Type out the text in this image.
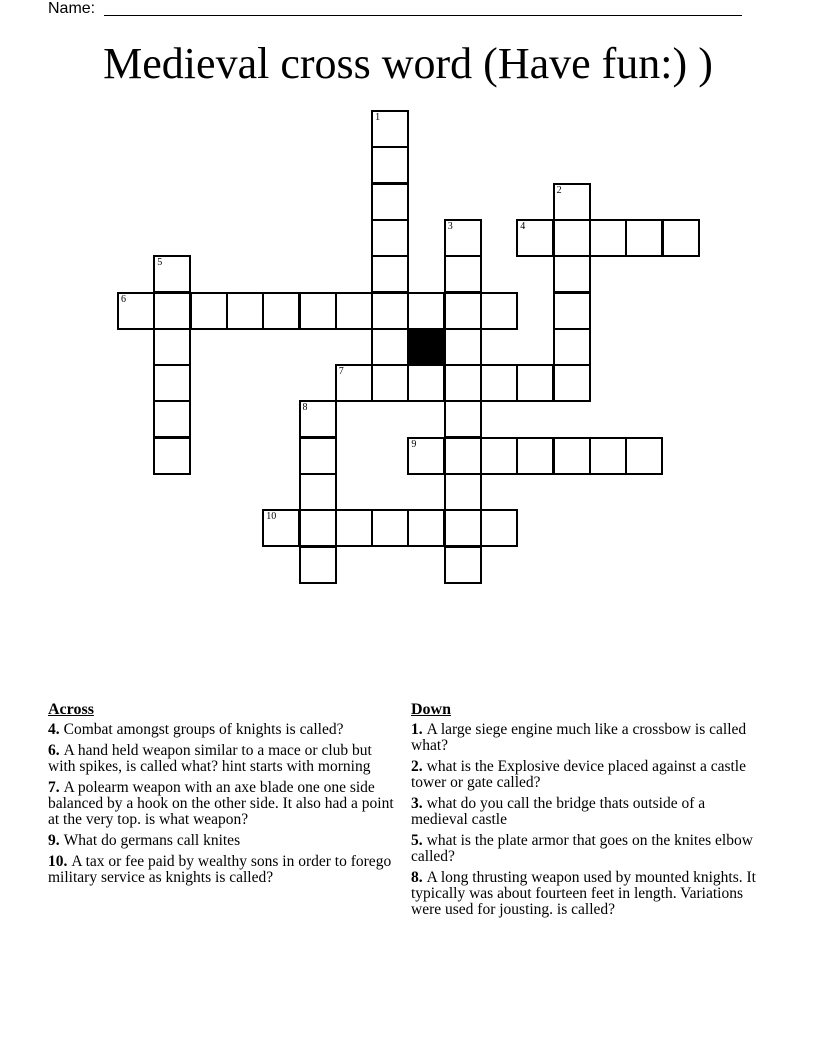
Name:
Medieval cross word (Have fun:) )
1
2
3	4
5
6
7
8
9
10
Across
4. Combat amongst groups of knights is called?
6. A hand held weapon similar to a mace or club but with spikes, is called what? hint starts with morning
7. A polearm weapon with an axe blade one one side balanced by a hook on the other side. It also had a point at the very top. is what weapon?
9. What do germans call knites
10. A tax or fee paid by wealthy sons in order to forego military service as knights is called?
Down
1. A large siege engine much like a crossbow is called what?
2. what is the Explosive device placed against a castle tower or gate called?
3. what do you call the bridge thats outside of a medieval castle
5. what is the plate armor that goes on the knites elbow called?
8. A long thrusting weapon used by mounted knights. It typically was about fourteen feet in length. Variations were used for jousting. is called?
